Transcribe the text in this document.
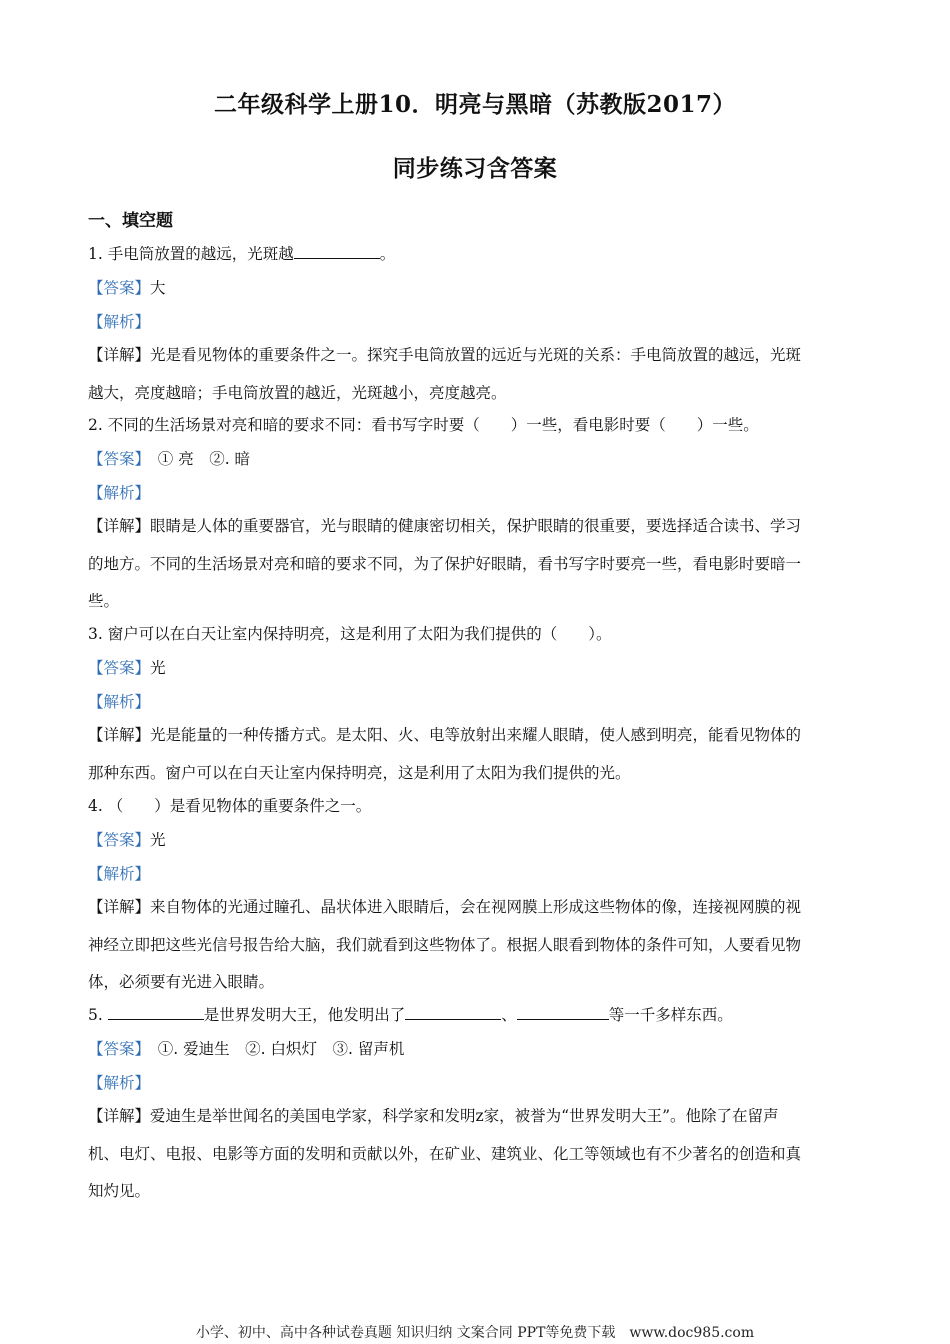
二年级科学上册10．明亮与黑暗（苏教版2017）
同步练习含答案
一、填空题
1. 手电筒放置的越远，光斑越	。
【答案】大
【解析】
【详解】光是看见物体的重要条件之一。探究手电筒放置的远近与光斑的关系：手电筒放置的越远，光斑
越大，亮度越暗；手电筒放置的越近，光斑越小，亮度越亮。
2. 不同的生活场景对亮和暗的要求不同：看书写字时要（　　）一些，看电影时要（　　）一些。
【答案】　① 亮　②. 暗
【解析】
【详解】眼睛是人体的重要器官，光与眼睛的健康密切相关，保护眼睛的很重要，要选择适合读书、学习
的地方。不同的生活场景对亮和暗的要求不同，为了保护好眼睛，看书写字时要亮一些，看电影时要暗一
些。
3. 窗户可以在白天让室内保持明亮，这是利用了太阳为我们提供的（　　）。
【答案】光
【解析】
【详解】光是能量的一种传播方式。是太阳、火、电等放射出来耀人眼睛，使人感到明亮，能看见物体的
那种东西。窗户可以在白天让室内保持明亮，这是利用了太阳为我们提供的光。
4. （　　）是看见物体的重要条件之一。
【答案】光
【解析】
【详解】来自物体的光通过瞳孔、晶状体进入眼睛后，会在视网膜上形成这些物体的像，连接视网膜的视
神经立即把这些光信号报告给大脑，我们就看到这些物体了。根据人眼看到物体的条件可知，人要看见物
体，必须要有光进入眼睛。
5.	是世界发明大王，他发明出了	、	等一千多样东西。
【答案】　①. 爱迪生　②. 白炽灯　③. 留声机
【解析】
【详解】爱迪生是举世闻名的美国电学家，科学家和发明z家，被誉为“世界发明大王”。他除了在留声
机、电灯、电报、电影等方面的发明和贡献以外，在矿业、建筑业、化工等领域也有不少著名的创造和真
知灼见。
小学、初中、高中各种试卷真题 知识归纳 文案合同 PPT等免费下载　www.doc985.com
